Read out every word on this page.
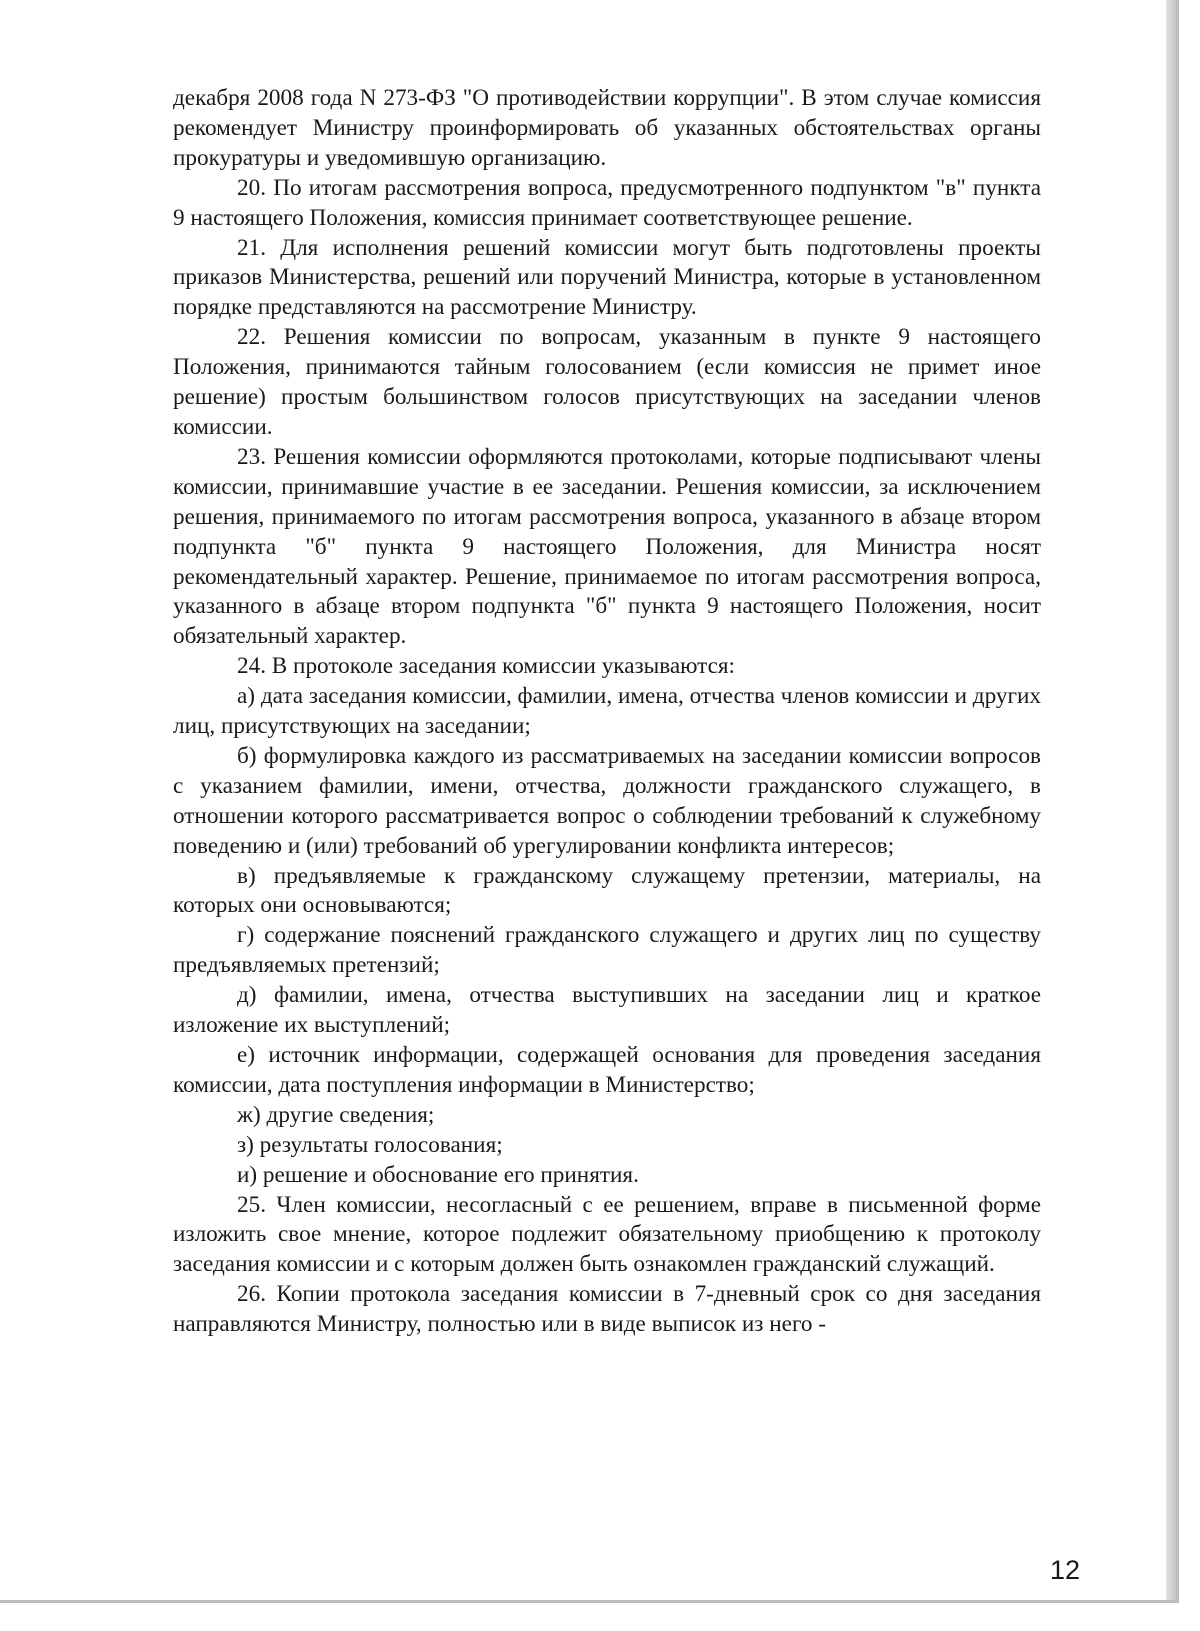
декабря 2008 года N 273-ФЗ "О противодействии коррупции". В этом случае комиссия рекомендует Министру проинформировать об указанных обстоятельствах органы прокуратуры и уведомившую организацию.

20. По итогам рассмотрения вопроса, предусмотренного подпунктом "в" пункта 9 настоящего Положения, комиссия принимает соответствующее решение.

21. Для исполнения решений комиссии могут быть подготовлены проекты приказов Министерства, решений или поручений Министра, которые в установленном порядке представляются на рассмотрение Министру.

22. Решения комиссии по вопросам, указанным в пункте 9 настоящего Положения, принимаются тайным голосованием (если комиссия не примет иное решение) простым большинством голосов присутствующих на заседании членов комиссии.

23. Решения комиссии оформляются протоколами, которые подписывают члены комиссии, принимавшие участие в ее заседании. Решения комиссии, за исключением решения, принимаемого по итогам рассмотрения вопроса, указанного в абзаце втором подпункта "б" пункта 9 настоящего Положения, для Министра носят рекомендательный характер. Решение, принимаемое по итогам рассмотрения вопроса, указанного в абзаце втором подпункта "б" пункта 9 настоящего Положения, носит обязательный характер.

24. В протоколе заседания комиссии указываются:

а) дата заседания комиссии, фамилии, имена, отчества членов комиссии и других лиц, присутствующих на заседании;

б) формулировка каждого из рассматриваемых на заседании комиссии вопросов с указанием фамилии, имени, отчества, должности гражданского служащего, в отношении которого рассматривается вопрос о соблюдении требований к служебному поведению и (или) требований об урегулировании конфликта интересов;

в) предъявляемые к гражданскому служащему претензии, материалы, на которых они основываются;

г) содержание пояснений гражданского служащего и других лиц по существу предъявляемых претензий;

д) фамилии, имена, отчества выступивших на заседании лиц и краткое изложение их выступлений;

е) источник информации, содержащей основания для проведения заседания комиссии, дата поступления информации в Министерство;

ж) другие сведения;

з) результаты голосования;

и) решение и обоснование его принятия.

25. Член комиссии, несогласный с ее решением, вправе в письменной форме изложить свое мнение, которое подлежит обязательному приобщению к протоколу заседания комиссии и с которым должен быть ознакомлен гражданский служащий.

26. Копии протокола заседания комиссии в 7-дневный срок со дня заседания направляются Министру, полностью или в виде выписок из него -

12
